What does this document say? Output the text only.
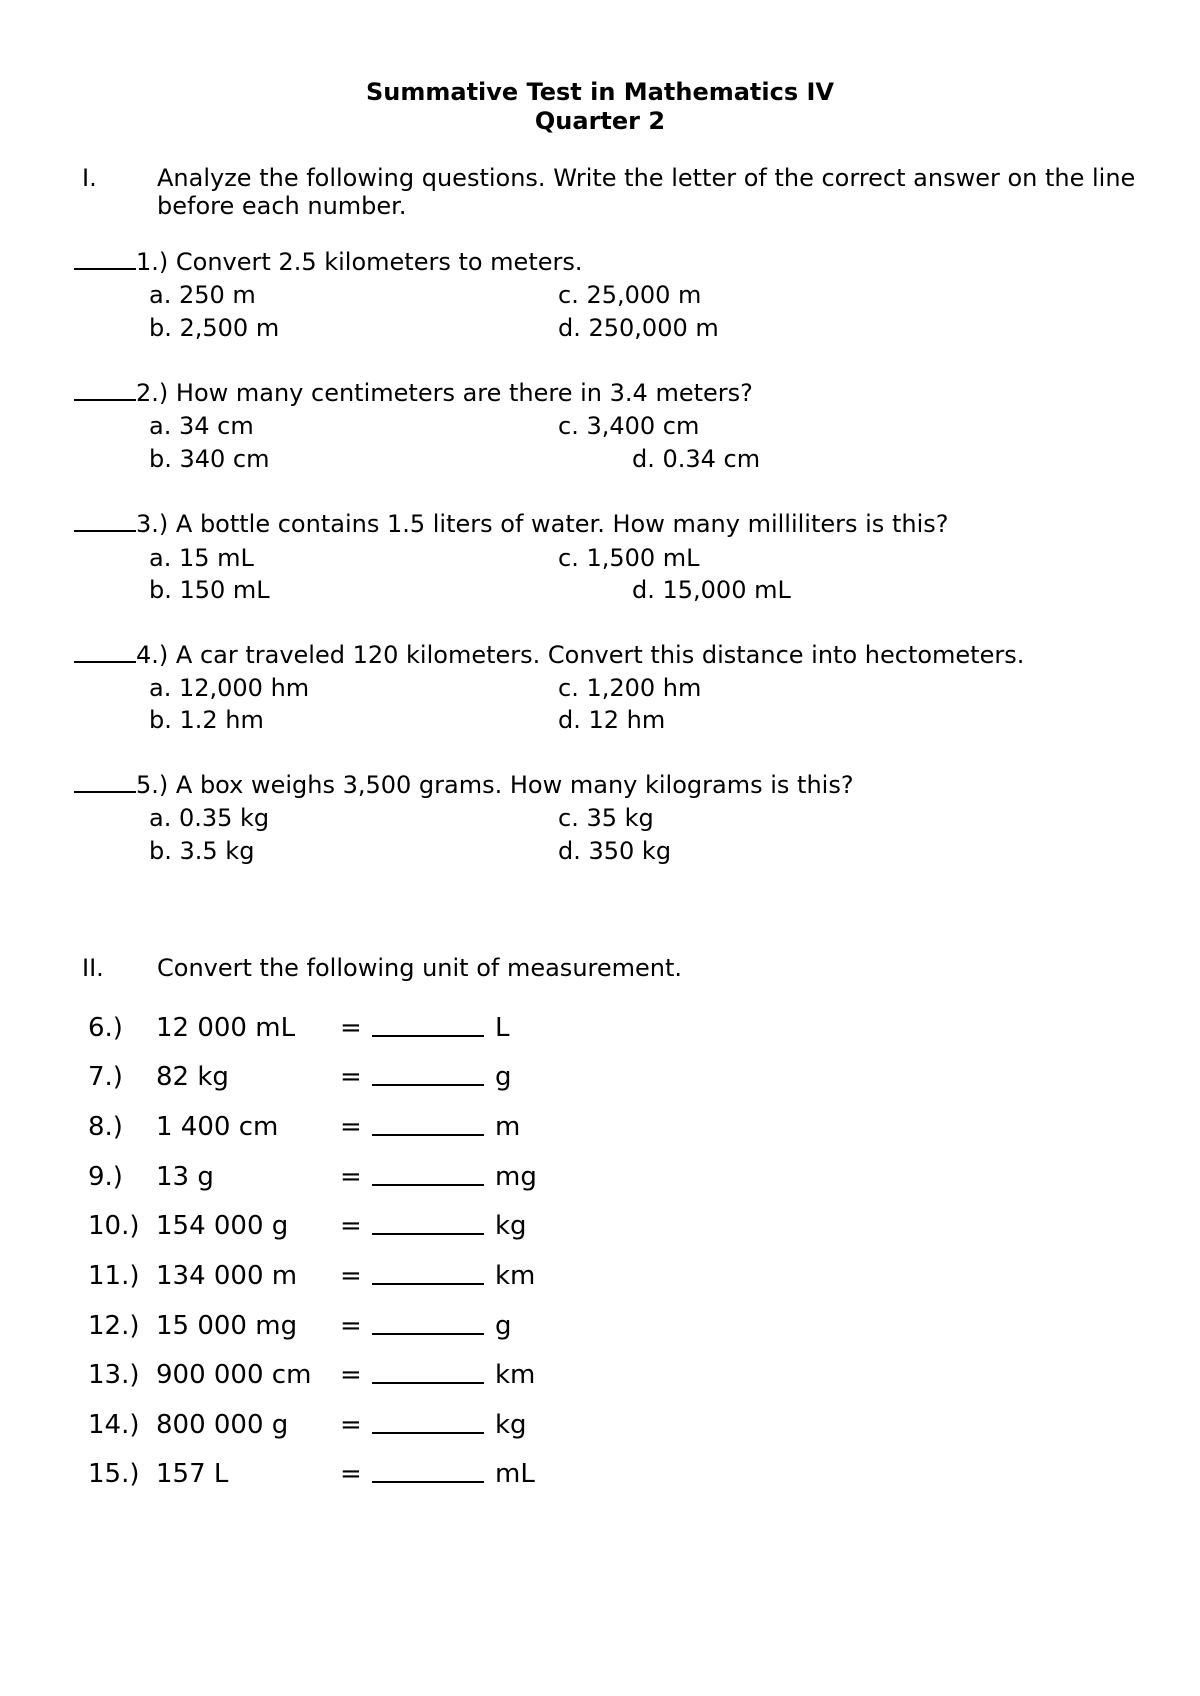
Summative Test in Mathematics IV
Quarter 2
I.	Analyze the following questions. Write the letter of the correct answer on the line before each number.
1.) Convert 2.5 kilometers to meters.
a. 250 m	c. 25,000 m
b. 2,500 m	d. 250,000 m
2.) How many centimeters are there in 3.4 meters?
a. 34 cm	c. 3,400 cm
b. 340 cm	d. 0.34 cm
3.) A bottle contains 1.5 liters of water. How many milliliters is this?
a. 15 mL	c. 1,500 mL
b. 150 mL	d. 15,000 mL
4.) A car traveled 120 kilometers. Convert this distance into hectometers.
a. 12,000 hm	c. 1,200 hm
b. 1.2 hm	d. 12 hm
5.) A box weighs 3,500 grams. How many kilograms is this?
a. 0.35 kg	c. 35 kg
b. 3.5 kg	d. 350 kg
II. Convert the following unit of measurement.
6.) 12 000 mL =	L
7.) 82 kg	=	g
8.) 1 400 cm =	m
9.) 13 g	=	mg
10.) 154 000 g =	kg
11.) 134 000 m =	km
12.) 15 000 mg =	g
13.) 900 000 cm =	km
14.) 800 000 g =	kg
15.) 157 L	=	mL
